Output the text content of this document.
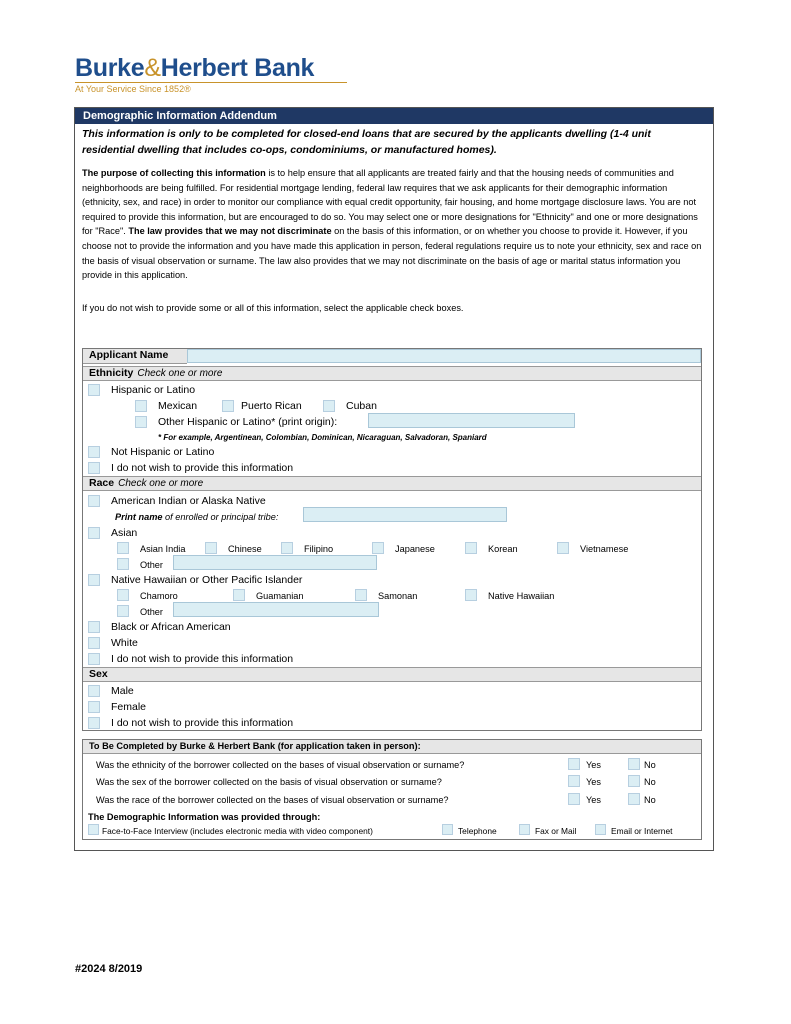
Burke&Herbert Bank
At Your Service Since 1852®
Demographic Information Addendum
This information is only to be completed for closed-end loans that are secured by the applicants dwelling (1-4 unit residential dwelling that includes co-ops, condominiums, or manufactured homes).
The purpose of collecting this information is to help ensure that all applicants are treated fairly and that the housing needs of communities and neighborhoods are being fulfilled. For residential mortgage lending, federal law requires that we ask applicants for their demographic information (ethnicity, sex, and race) in order to monitor our compliance with equal credit opportunity, fair housing, and home mortgage disclosure laws. You are not required to provide this information, but are encouraged to do so. You may select one or more designations for "Ethnicity" and one or more designations for "Race". The law provides that we may not discriminate on the basis of this information, or on whether you choose to provide it. However, if you choose not to provide the information and you have made this application in person, federal regulations require us to note your ethnicity, sex and race on the basis of visual observation or surname. The law also provides that we may not discriminate on the basis of age or marital status information you provide in this application.
If you do not wish to provide some or all of this information, select the applicable check boxes.
Applicant Name
Ethnicity Check one or more
Hispanic or Latino
Mexican	Puerto Rican	Cuban
Other Hispanic or Latino* (print origin):
* For example, Argentinean, Colombian, Dominican, Nicaraguan, Salvadoran, Spaniard
Not Hispanic or Latino
I do not wish to provide this information
Race Check one or more
American Indian or Alaska Native
Print name of enrolled or principal tribe:
Asian
Asian India	Chinese	Filipino	Japanese	Korean	Vietnamese
Other
Native Hawaiian or Other Pacific Islander
Chamoro	Guamanian	Samonan	Native Hawaiian
Other
Black or African American
White
I do not wish to provide this information
Sex
Male
Female
I do not wish to provide this information
To Be Completed by Burke & Herbert Bank (for application taken in person):
Was the ethnicity of the borrower collected on the bases of visual observation or surname?	Yes	No
Was the sex of the borrower collected on the basis of visual observation or surname?	Yes	No
Was the race of the borrower collected on the bases of visual observation or surname?	Yes	No
The Demographic Information was provided through:
Face-to-Face Interview (includes electronic media with video component)	Telephone	Fax or Mail	Email or Internet
#2024 8/2019
